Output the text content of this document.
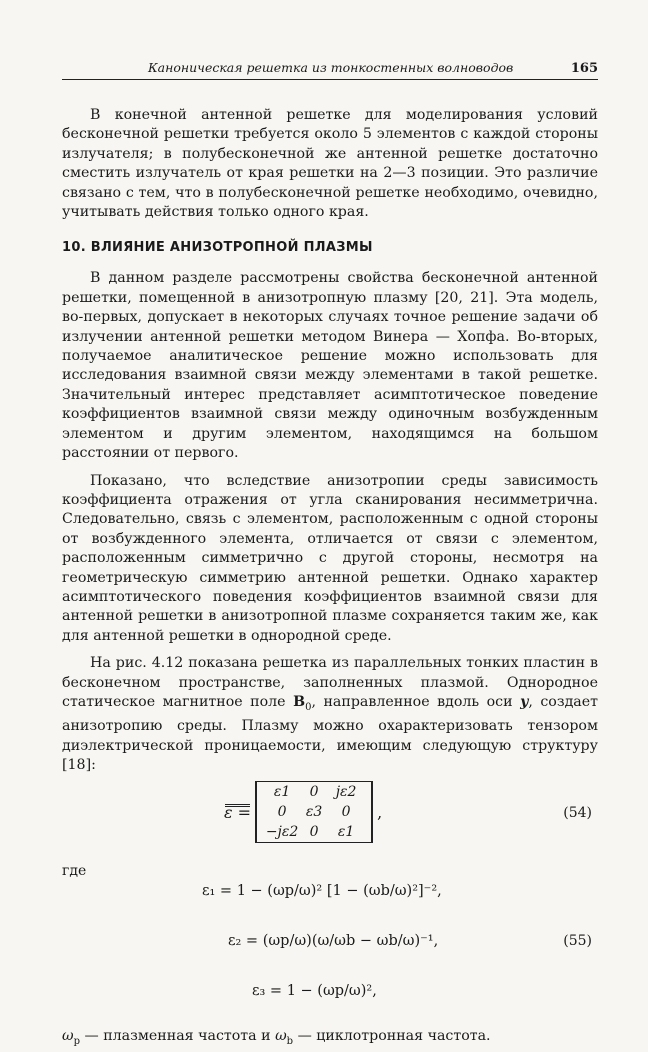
Каноническая решетка из тонкостенных волноводов	165

В конечной антенной решетке для моделирования условий бесконечной решетки требуется около 5 элементов с каждой стороны излучателя; в полубесконечной же антенной решетке достаточно сместить излучатель от края решетки на 2—3 позиции. Это различие связано с тем, что в полубесконечной решетке необходимо, очевидно, учитывать действия только одного края.

10. ВЛИЯНИЕ АНИЗОТРОПНОЙ ПЛАЗМЫ

В данном разделе рассмотрены свойства бесконечной антенной решетки, помещенной в анизотропную плазму [20, 21]. Эта модель, во-первых, допускает в некоторых случаях точное решение задачи об излучении антенной решетки методом Винера — Хопфа. Во-вторых, получаемое аналитическое решение можно использовать для исследования взаимной связи между элементами в такой решетке. Значительный интерес представляет асимптотическое поведение коэффициентов взаимной связи между одиночным возбужденным элементом и другим элементом, находящимся на большом расстоянии от первого.

Показано, что вследствие анизотропии среды зависимость коэффициента отражения от угла сканирования несимметрична. Следовательно, связь с элементом, расположенным с одной стороны от возбужденного элемента, отличается от связи с элементом, расположенным симметрично с другой стороны, несмотря на геометрическую симметрию антенной решетки. Однако характер асимптотического поведения коэффициентов взаимной связи для антенной решетки в анизотропной плазме сохраняется таким же, как для антенной решетки в однородной среде.

На рис. 4.12 показана решетка из параллельных тонких пластин в бесконечном пространстве, заполненных плазмой. Однородное статическое магнитное поле $B_0$, направленное вдоль оси y, создает анизотропию среды. Плазму можно охарактеризовать тензором диэлектрической проницаемости, имеющим следующую структуру [18]:

ε =
ε1	0	jε2
0	ε3	0
−jε2 0	ε1
,	(54)
где
ε₁ = 1 − (ωp/ω)² [1 − (ωb/ω)²]⁻²,
ε₂ = (ωp/ω)(ω/ωb − ωb/ω)⁻¹,
ε₃ = 1 − (ωp/ω)²,
(55)

$\omega_p$ — плазменная частота и $\omega_b$ — циклотронная частота.
